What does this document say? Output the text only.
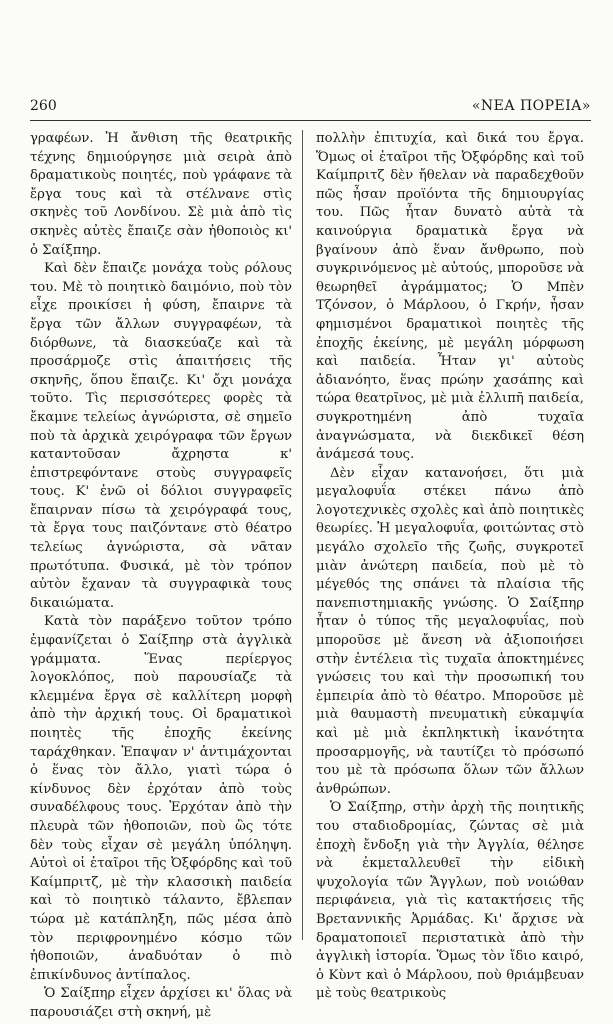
260	«ΝΕΑ ΠΟΡΕΙΑ»

γραφέων. Ἡ ἄνθιση τῆς θεατρικῆς τέχνης δημιούργησε μιὰ σειρὰ ἀπὸ δραματικοὺς ποιητές, ποὺ γράφανε τὰ ἔργα τους καὶ τὰ στέλνανε στὶς σκηνὲς τοῦ Λονδίνου. Σὲ μιὰ ἀπὸ τὶς σκηνὲς αὐτὲς ἔπαιζε σὰν ἠθοποιὸς κι' ὁ Σαίξπηρ.

Καὶ δὲν ἔπαιζε μονάχα τοὺς ρόλους του. Μὲ τὸ ποιητικὸ δαιμόνιο, ποὺ τὸν εἶχε προικίσει ἡ φύση, ἔπαιρνε τὰ ἔργα τῶν ἄλλων συγγραφέων, τὰ διόρθωνε, τὰ διασκεύαζε καὶ τὰ προσάρμοζε στὶς ἀπαιτήσεις τῆς σκηνῆς, ὅπου ἔπαιζε. Κι' ὄχι μονάχα τοῦτο. Τὶς περισσότερες φορὲς τὰ ἔκαμνε τελείως ἀγνώριστα, σὲ σημεῖο ποὺ τὰ ἀρχικὰ χειρόγραφα τῶν ἔργων καταντοῦσαν ἄχρηστα κ' ἐπιστρεφόντανε στοὺς συγγραφεῖς τους. Κ' ἐνῶ οἱ δόλιοι συγγραφεῖς ἔπαιρναν πίσω τὰ χειρόγραφά τους, τὰ ἔργα τους παιζόντανε στὸ θέατρο τελείως ἀγνώριστα, σὰ νᾶταν πρωτότυπα. Φυσικά, μὲ τὸν τρόπον αὐτὸν ἔχαναν τὰ συγγραφικὰ τους δικαιώματα.

Κατὰ τὸν παράξενο τοῦτον τρόπο ἐμφανίζεται ὁ Σαίξπηρ στὰ ἀγγλικὰ γράμματα. Ἕνας περίεργος λογοκλόπος, ποὺ παρουσίαζε τὰ κλεμμένα ἔργα σὲ καλλίτερη μορφὴ ἀπὸ τὴν ἀρχική τους. Οἱ δραματικοὶ ποιητὲς τῆς ἐποχῆς ἐκείνης ταράχθηκαν. Ἐπαψαν ν' ἀντιμάχονται ὁ ἕνας τὸν ἄλλο, γιατὶ τώρα ὁ κίνδυνος δὲν ἐρχόταν ἀπὸ τοὺς συναδέλφους τους. Ἐρχόταν ἀπὸ τὴν πλευρὰ τῶν ἠθοποιῶν, ποὺ ὣς τότε δὲν τοὺς εἶχαν σὲ μεγάλη ὑπόληψη. Αὐτοὶ οἱ ἑταῖροι τῆς Ὀξφόρδης καὶ τοῦ Καίμπριτζ, μὲ τὴν κλασσικὴ παιδεία καὶ τὸ ποιητικὸ τάλαντο, ἔβλεπαν τώρα μὲ κατάπληξη, πῶς μέσα ἀπὸ τὸν περιφρονημένο κόσμο τῶν ἠθοποιῶν, ἀναδυόταν ὁ πιὸ ἐπικίνδυνος ἀντίπαλος.

Ὁ Σαίξπηρ εἶχεν ἀρχίσει κι' ὅλας νὰ παρουσιάζει στὴ σκηνή, μὲ

πολλὴν ἐπιτυχία, καὶ δικά του ἔργα. Ὅμως οἱ ἑταῖροι τῆς Ὀξφόρδης καὶ τοῦ Καίμπριτζ δὲν ἤθελαν νὰ παραδεχθοῦν πῶς ἦσαν προϊόντα τῆς δημιουργίας του. Πῶς ἦταν δυνατὸ αὐτὰ τὰ καινούργια δραματικὰ ἔργα νὰ βγαίνουν ἀπὸ ἕναν ἄνθρωπο, ποὺ συγκρινόμενος μὲ αὐτούς, μποροῦσε νὰ θεωρηθεῖ ἀγράμματος; Ὁ Μπὲν Τζόνσον, ὁ Μάρλοου, ὁ Γκρήν, ἦσαν φημισμένοι δραματικοὶ ποιητὲς τῆς ἐποχῆς ἐκείνης, μὲ μεγάλη μόρφωση καὶ παιδεία. Ἦταν γι' αὐτοὺς ἀδιανόητο, ἕνας πρώην χασάπης καὶ τώρα θεατρῖνος, μὲ μιὰ ἐλλιπῆ παιδεία, συγκροτημένη ἀπὸ τυχαῖα ἀναγνώσματα, νὰ διεκδικεῖ θέση ἀνάμεσά τους.

Δὲν εἶχαν κατανοήσει, ὅτι μιὰ μεγαλοφυΐα στέκει πάνω ἀπὸ λογοτεχνικὲς σχολὲς καὶ ἀπὸ ποιητικὲς θεωρίες. Ἡ μεγαλοφυΐα, φοιτώντας στὸ μεγάλο σχολεῖο τῆς ζωῆς, συγκροτεῖ μιὰν ἀνώτερη παιδεία, ποὺ μὲ τὸ μέγεθός της σπάνει τὰ πλαίσια τῆς πανεπιστημιακῆς γνώσης. Ὁ Σαίξπηρ ἦταν ὁ τύπος τῆς μεγαλοφυΐας, ποὺ μποροῦσε μὲ ἄνεση νὰ ἀξιοποιήσει στὴν ἐντέλεια τὶς τυχαῖα ἀποκτημένες γνώσεις του καὶ τὴν προσωπική του ἐμπειρία ἀπὸ τὸ θέατρο. Μποροῦσε μὲ μιὰ θαυμαστὴ πνευματικὴ εὐκαμψία καὶ μὲ μιὰ ἐκπληκτικὴ ἱκανότητα προσαρμογῆς, νὰ ταυτίζει τὸ πρόσωπό του μὲ τὰ πρόσωπα ὅλων τῶν ἄλλων ἀνθρώπων.

Ὁ Σαίξπηρ, στὴν ἀρχὴ τῆς ποιητικῆς του σταδιοδρομίας, ζώντας σὲ μιὰ ἐποχὴ ἔνδοξη γιὰ τὴν Ἀγγλία, θέλησε νὰ ἐκμεταλλευθεῖ τὴν εἰδικὴ ψυχολογία τῶν Ἄγγλων, ποὺ νοιώθαν περιφάνεια, γιὰ τὶς κατακτήσεις τῆς Βρεταννικῆς Ἀρμάδας. Κι' ἄρχισε νὰ δραματοποιεῖ περιστατικὰ ἀπὸ τὴν ἀγγλικὴ ἱστορία. Ὅμως τὸν ἴδιο καιρό, ὁ Κὺντ καὶ ὁ Μάρλοου, ποὺ θριάμβευαν μὲ τοὺς θεατρικοὺς
